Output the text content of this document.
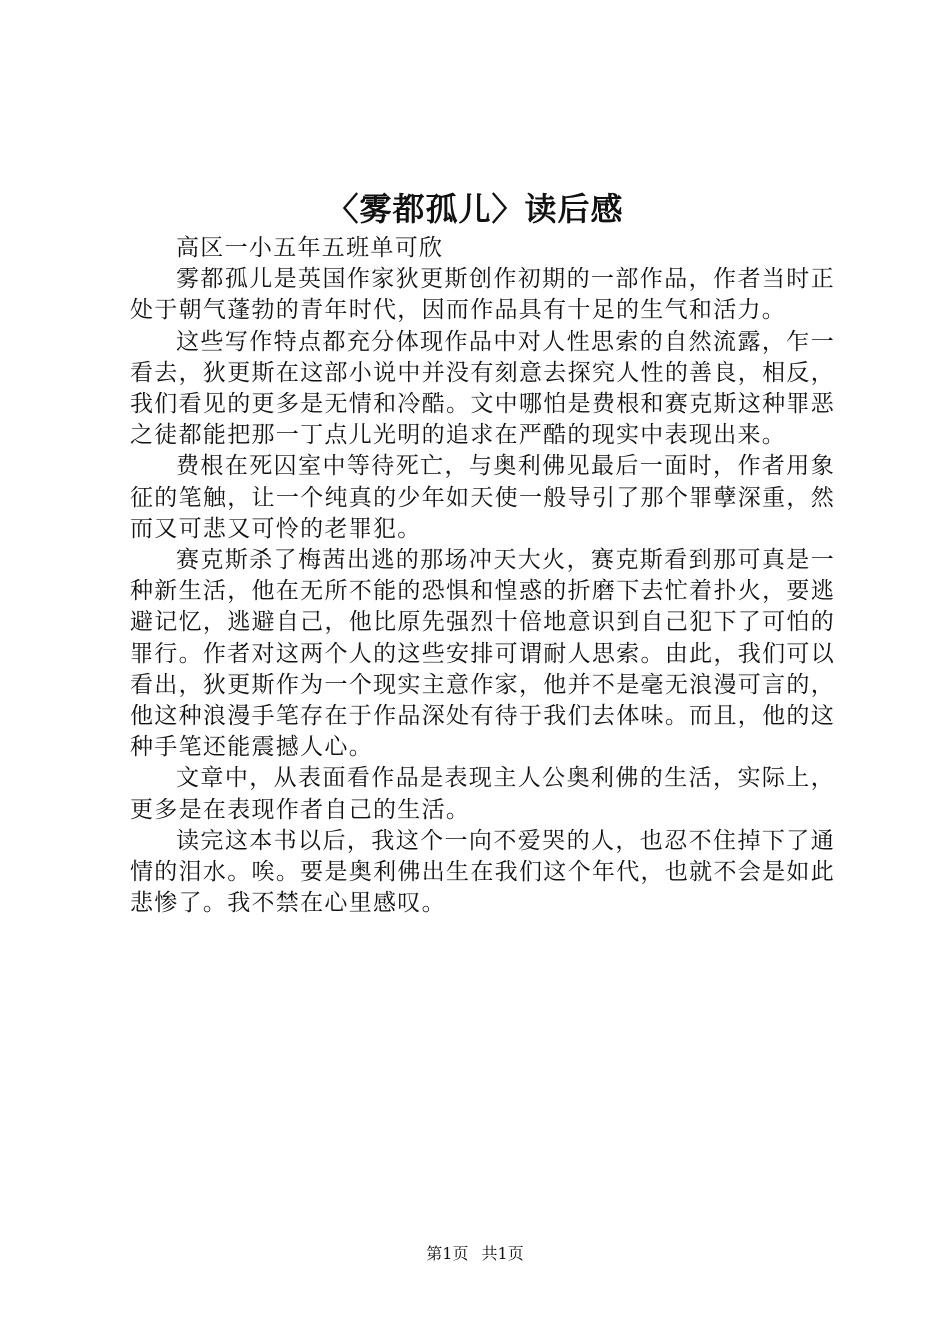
〈雾都孤儿〉读后感

高区一小五年五班单可欣

雾都孤儿是英国作家狄更斯创作初期的一部作品，作者当时正处于朝气蓬勃的青年时代，因而作品具有十足的生气和活力。

这些写作特点都充分体现作品中对人性思索的自然流露，乍一看去，狄更斯在这部小说中并没有刻意去探究人性的善良，相反，我们看见的更多是无情和冷酷。文中哪怕是费根和赛克斯这种罪恶之徒都能把那一丁点儿光明的追求在严酷的现实中表现出来。

费根在死囚室中等待死亡，与奥利佛见最后一面时，作者用象征的笔触，让一个纯真的少年如天使一般导引了那个罪孽深重，然而又可悲又可怜的老罪犯。

赛克斯杀了梅茜出逃的那场冲天大火，赛克斯看到那可真是一种新生活，他在无所不能的恐惧和惶惑的折磨下去忙着扑火，要逃避记忆，逃避自己，他比原先强烈十倍地意识到自己犯下了可怕的罪行。作者对这两个人的这些安排可谓耐人思索。由此，我们可以看出，狄更斯作为一个现实主意作家，他并不是毫无浪漫可言的，他这种浪漫手笔存在于作品深处有待于我们去体味。而且，他的这种手笔还能震撼人心。

文章中，从表面看作品是表现主人公奥利佛的生活，实际上，更多是在表现作者自己的生活。

读完这本书以后，我这个一向不爱哭的人，也忍不住掉下了通情的泪水。唉。要是奥利佛出生在我们这个年代，也就不会是如此悲惨了。我不禁在心里感叹。

第1页 共1页
